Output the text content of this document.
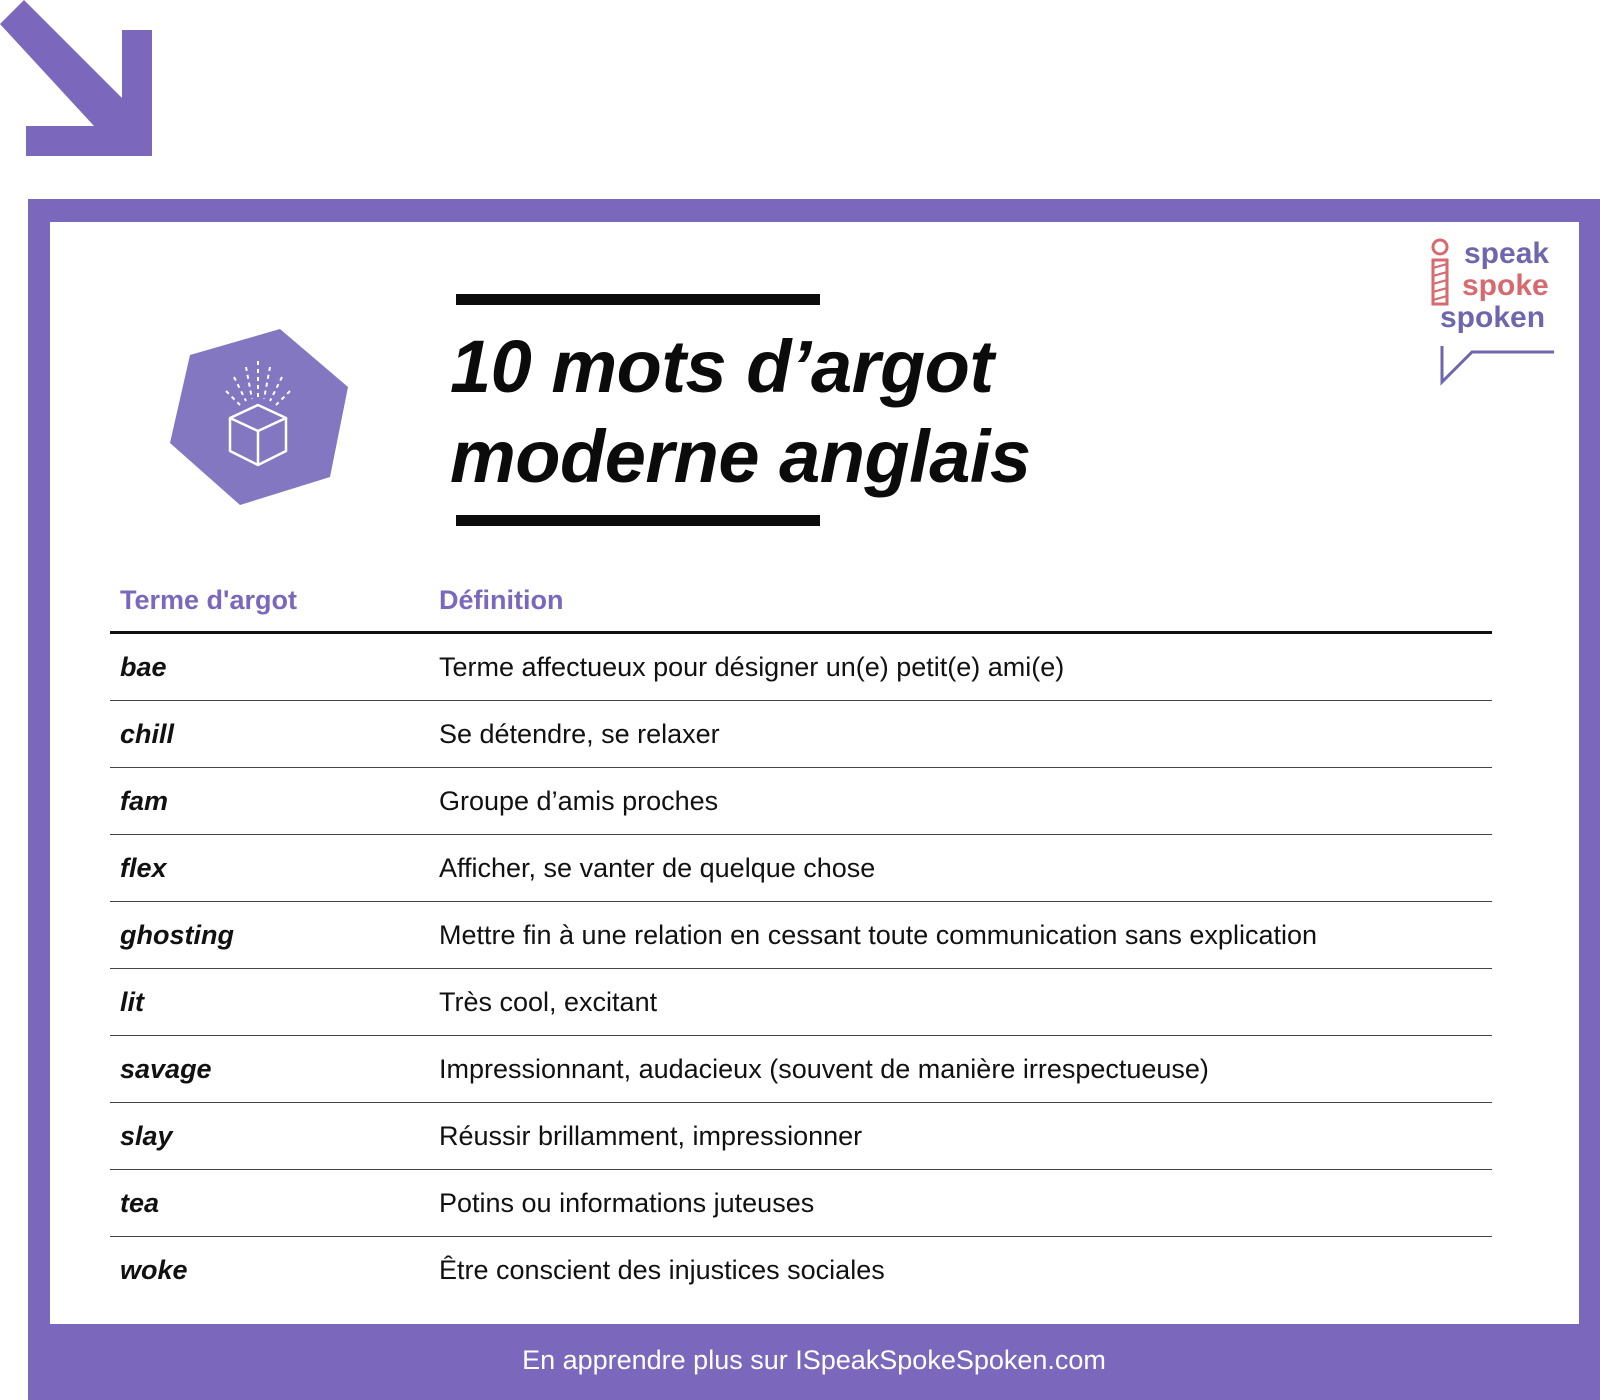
10 mots d’argot
moderne anglais
speak
spoke
spoken
Terme d'argot	Définition
bae	Terme affectueux pour désigner un(e) petit(e) ami(e)
chill	Se détendre, se relaxer
fam	Groupe d’amis proches
flex	Afficher, se vanter de quelque chose
ghosting	Mettre fin à une relation en cessant toute communication sans explication
lit	Très cool, excitant
savage	Impressionnant, audacieux (souvent de manière irrespectueuse)
slay	Réussir brillamment, impressionner
tea	Potins ou informations juteuses
woke	Être conscient des injustices sociales
En apprendre plus sur ISpeakSpokeSpoken.com
